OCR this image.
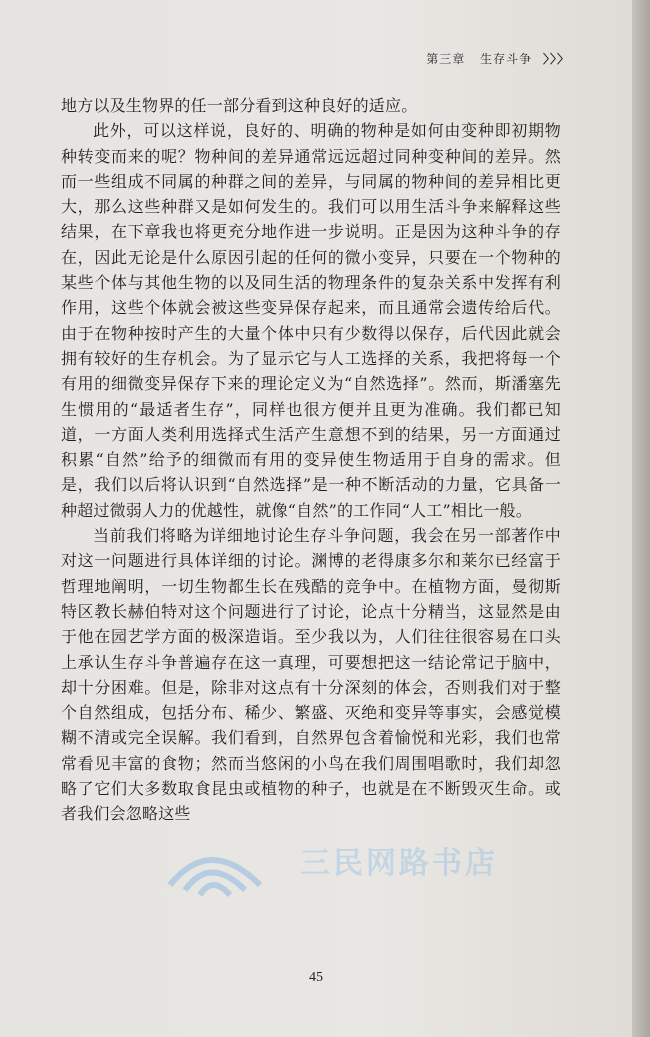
第三章 生存斗争 〉〉〉

地方以及生物界的任一部分看到这种良好的适应。

此外，可以这样说，良好的、明确的物种是如何由变种即初期物种转变而来的呢？物种间的差异通常远远超过同种变种间的差异。然而一些组成不同属的种群之间的差异，与同属的物种间的差异相比更大，那么这些种群又是如何发生的。我们可以用生活斗争来解释这些结果，在下章我也将更充分地作进一步说明。正是因为这种斗争的存在，因此无论是什么原因引起的任何的微小变异，只要在一个物种的某些个体与其他生物的以及同生活的物理条件的复杂关系中发挥有利作用，这些个体就会被这些变异保存起来，而且通常会遗传给后代。由于在物种按时产生的大量个体中只有少数得以保存，后代因此就会拥有较好的生存机会。为了显示它与人工选择的关系，我把将每一个有用的细微变异保存下来的理论定义为“自然选择”。然而，斯潘塞先生惯用的“最适者生存”，同样也很方便并且更为准确。我们都已知道，一方面人类利用选择式生活产生意想不到的结果，另一方面通过积累“自然”给予的细微而有用的变异使生物适用于自身的需求。但是，我们以后将认识到“自然选择”是一种不断活动的力量，它具备一种超过微弱人力的优越性，就像“自然”的工作同“人工”相比一般。

当前我们将略为详细地讨论生存斗争问题，我会在另一部著作中对这一问题进行具体详细的讨论。渊博的老得康多尔和莱尔已经富于哲理地阐明，一切生物都生长在残酷的竞争中。在植物方面，曼彻斯特区教长赫伯特对这个问题进行了讨论，论点十分精当，这显然是由于他在园艺学方面的极深造诣。至少我以为，人们往往很容易在口头上承认生存斗争普遍存在这一真理，可要想把这一结论常记于脑中，却十分困难。但是，除非对这点有十分深刻的体会，否则我们对于整个自然组成，包括分布、稀少、繁盛、灭绝和变异等事实，会感觉模糊不清或完全误解。我们看到，自然界包含着愉悦和光彩，我们也常常看见丰富的食物；然而当悠闲的小鸟在我们周围唱歌时，我们却忽略了它们大多数取食昆虫或植物的种子，也就是在不断毁灭生命。或者我们会忽略这些

三民网路书店
45
